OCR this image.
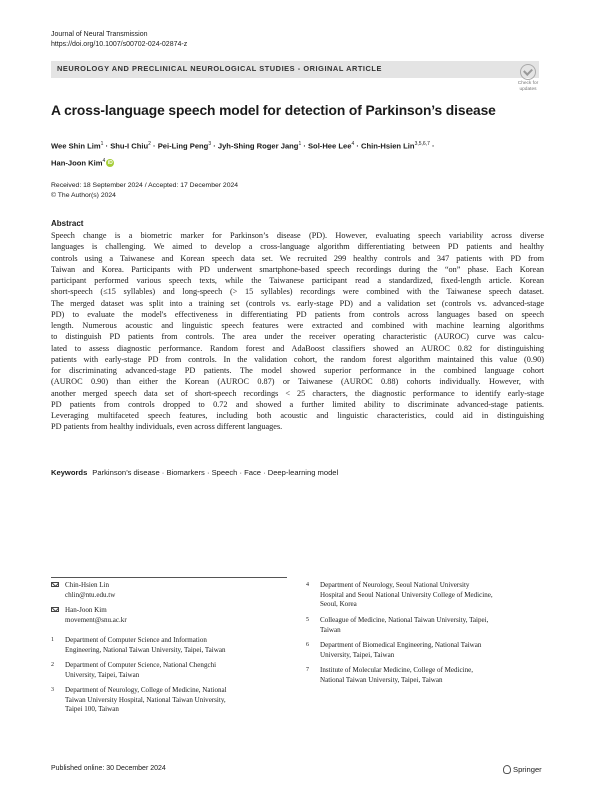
Journal of Neural Transmission
https://doi.org/10.1007/s00702-024-02874-z
NEUROLOGY AND PRECLINICAL NEUROLOGICAL STUDIES - ORIGINAL ARTICLE
Check for
updates
A cross-language speech model for detection of Parkinson’s disease
Wee Shin Lim$^1$ · Shu-I Chiu$^2$ · Pei-Ling Peng$^3$ · Jyh-Shing Roger Jang$^1$ · Sol-Hee Lee$^4$ · Chin-Hsien Lin$^{3,5,6,7}$ ·
Han-Joon Kim$^4$ iD
Received: 18 September 2024 / Accepted: 17 December 2024
© The Author(s) 2024
Abstract
Speech change is a biometric marker for Parkinson’s disease (PD). However, evaluating speech variability across diverse
languages is challenging. We aimed to develop a cross-language algorithm differentiating between PD patients and healthy
controls using a Taiwanese and Korean speech data set. We recruited 299 healthy controls and 347 patients with PD from
Taiwan and Korea. Participants with PD underwent smartphone-based speech recordings during the “on” phase. Each Korean
participant performed various speech texts, while the Taiwanese participant read a standardized, fixed-length article. Korean
short-speech (≤15 syllables) and long-speech (> 15 syllables) recordings were combined with the Taiwanese speech dataset.
The merged dataset was split into a training set (controls vs. early-stage PD) and a validation set (controls vs. advanced-stage
PD) to evaluate the model's effectiveness in differentiating PD patients from controls across languages based on speech
length. Numerous acoustic and linguistic speech features were extracted and combined with machine learning algorithms
to distinguish PD patients from controls. The area under the receiver operating characteristic (AUROC) curve was calcu-
lated to assess diagnostic performance. Random forest and AdaBoost classifiers showed an AUROC 0.82 for distinguishing
patients with early-stage PD from controls. In the validation cohort, the random forest algorithm maintained this value (0.90)
for discriminating advanced-stage PD patients. The model showed superior performance in the combined language cohort
(AUROC 0.90) than either the Korean (AUROC 0.87) or Taiwanese (AUROC 0.88) cohorts individually. However, with
another merged speech data set of short-speech recordings < 25 characters, the diagnostic performance to identify early-stage
PD patients from controls dropped to 0.72 and showed a further limited ability to discriminate advanced-stage patients.
Leveraging multifaceted speech features, including both acoustic and linguistic characteristics, could aid in distinguishing
PD patients from healthy individuals, even across different languages.
Keywords Parkinson’s disease · Biomarkers · Speech · Face · Deep-learning model
Chin-Hsien Lin
chlin@ntu.edu.tw
Han-Joon Kim
movement@snu.ac.kr
1 Department of Computer Science and Information
Engineering, National Taiwan University, Taipei, Taiwan
2 Department of Computer Science, National Chengchi
University, Taipei, Taiwan
3 Department of Neurology, College of Medicine, National
Taiwan University Hospital, National Taiwan University,
Taipei 100, Taiwan
4 Department of Neurology, Seoul National University
Hospital and Seoul National University College of Medicine,
Seoul, Korea
5 Colleague of Medicine, National Taiwan University, Taipei,
Taiwan
6 Department of Biomedical Engineering, National Taiwan
University, Taipei, Taiwan
7 Institute of Molecular Medicine, College of Medicine,
National Taiwan University, Taipei, Taiwan
Published online: 30 December 2024	Springer
